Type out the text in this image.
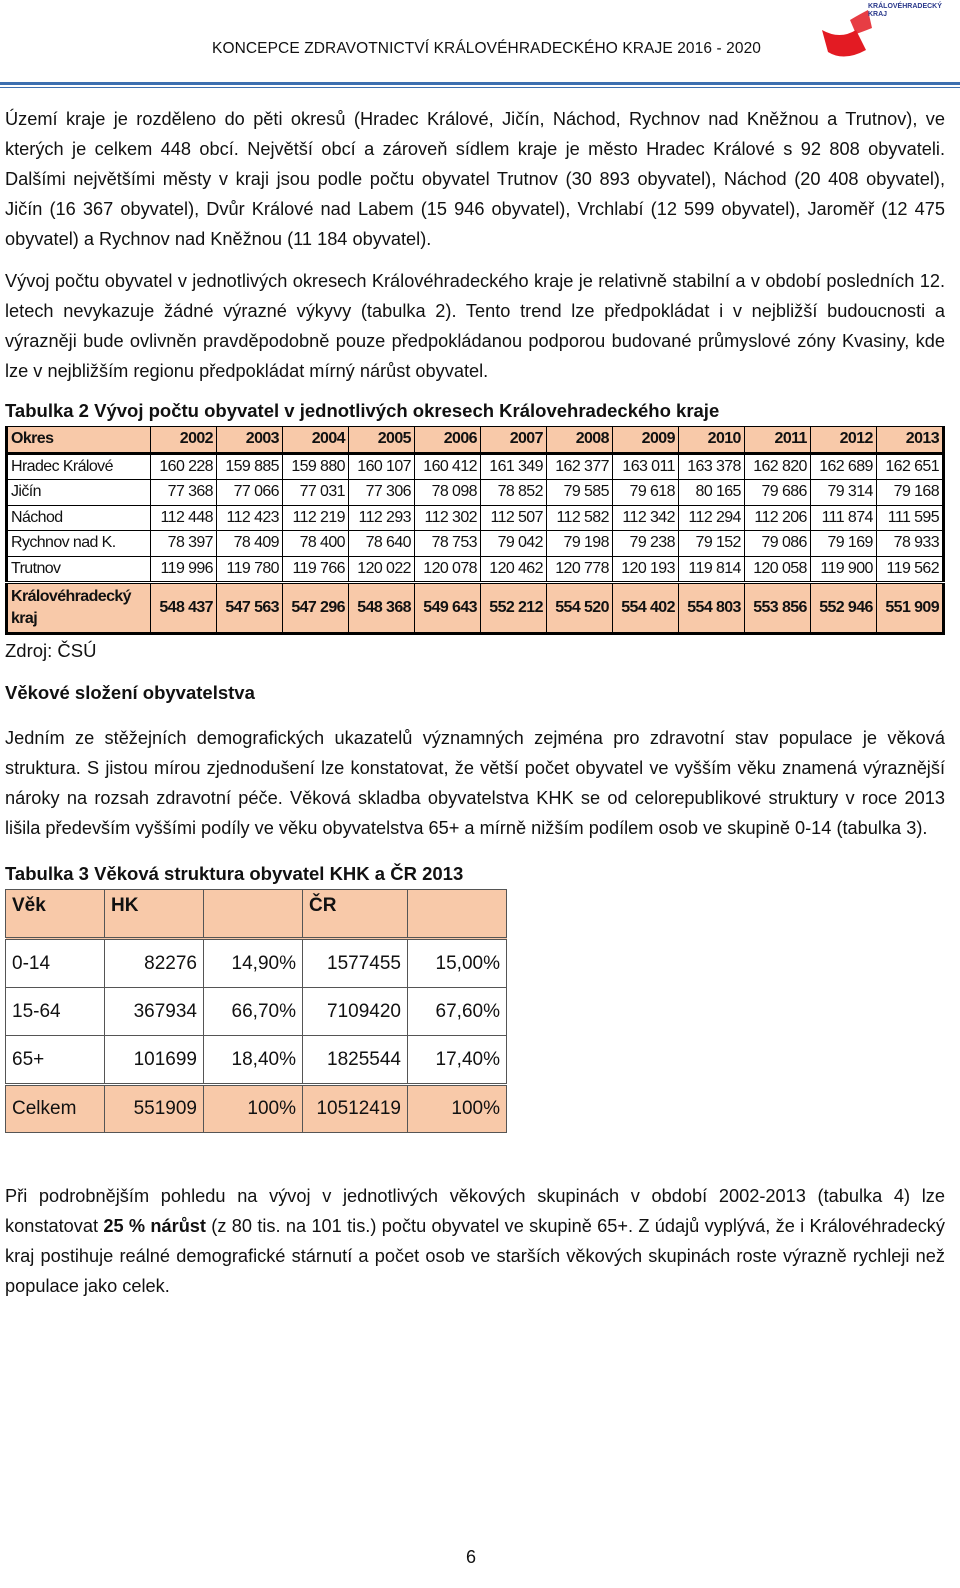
KONCEPCE ZDRAVOTNICTVÍ KRÁLOVÉHRADECKÉHO KRAJE 2016 - 2020
KRÁLOVÉHRADECKÝ
KRAJ

Území kraje je rozděleno do pěti okresů (Hradec Králové, Jičín, Náchod, Rychnov nad Kněžnou a Trutnov), ve kterých je celkem 448 obcí. Největší obcí a zároveň sídlem kraje je město Hradec Králové s 92 808 obyvateli. Dalšími největšími městy v kraji jsou podle počtu obyvatel Trutnov (30 893 obyvatel), Náchod (20 408 obyvatel), Jičín (16 367 obyvatel), Dvůr Králové nad Labem (15 946 obyvatel), Vrchlabí (12 599 obyvatel), Jaroměř (12 475 obyvatel) a Rychnov nad Kněžnou (11 184 obyvatel).

Vývoj počtu obyvatel v jednotlivých okresech Královéhradeckého kraje je relativně stabilní a v období posledních 12. letech nevykazuje žádné výrazné výkyvy (tabulka 2). Tento trend lze předpokládat i v nejbližší budoucnosti a výrazněji bude ovlivněn pravděpodobně pouze předpokládanou podporou budované průmyslové zóny Kvasiny, kde lze v nejbližším regionu předpokládat mírný nárůst obyvatel.

Tabulka 2 Vývoj počtu obyvatel v jednotlivých okresech Královehradeckého kraje
Okres	2002	2003	2004	2005	2006	2007	2008	2009	2010	2011	2012	2013
Hradec Králové	160 228	159 885	159 880	160 107	160 412	161 349	162 377	163 011	163 378	162 820	162 689	162 651
Jičín	77 368	77 066	77 031	77 306	78 098	78 852	79 585	79 618	80 165	79 686	79 314	79 168
Náchod	112 448	112 423	112 219	112 293	112 302	112 507	112 582	112 342	112 294	112 206	111 874	111 595
Rychnov nad K.	78 397	78 409	78 400	78 640	78 753	79 042	79 198	79 238	79 152	79 086	79 169	78 933
Trutnov	119 996	119 780	119 766	120 022	120 078	120 462	120 778	120 193	119 814	120 058	119 900	119 562
Královéhradecký kraj	548 437	547 563	547 296	548 368	549 643	552 212	554 520	554 402	554 803	553 856	552 946	551 909
Zdroj: ČSÚ
Věkové složení obyvatelstva

Jedním ze stěžejních demografických ukazatelů významných zejména pro zdravotní stav populace je věková struktura. S jistou mírou zjednodušení lze konstatovat, že větší počet obyvatel ve vyšším věku znamená výraznější nároky na rozsah zdravotní péče. Věková skladba obyvatelstva KHK se od celorepublikové struktury v roce 2013 lišila především vyššími podíly ve věku obyvatelstva 65+ a mírně nižším podílem osob ve skupině 0-14 (tabulka 3).

Tabulka 3 Věková struktura obyvatel KHK a ČR 2013
Věk	HK		ČR	
0-14	82276	14,90%	1577455	15,00%
15-64	367934	66,70%	7109420	67,60%
65+	101699	18,40%	1825544	17,40%
Celkem	551909	100%	10512419	100%

Při podrobnějším pohledu na vývoj v jednotlivých věkových skupinách v období 2002-2013 (tabulka 4) lze konstatovat 25 % nárůst (z 80 tis. na 101 tis.) počtu obyvatel ve skupině 65+. Z údajů vyplývá, že i Královéhradecký kraj postihuje reálné demografické stárnutí a počet osob ve starších věkových skupinách roste výrazně rychleji než populace jako celek.

6
